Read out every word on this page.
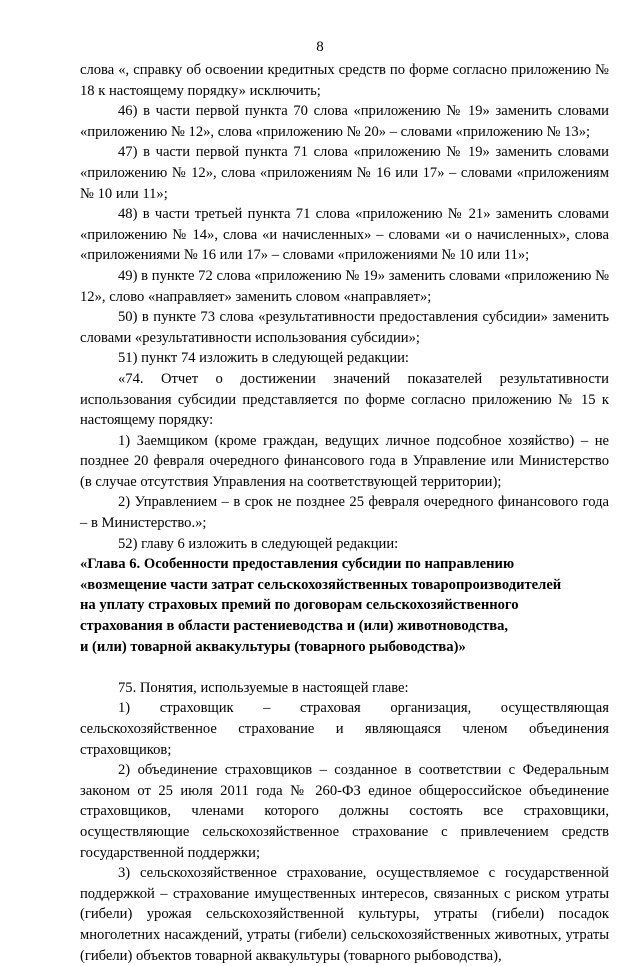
8

слова «, справку об освоении кредитных средств по форме согласно приложению № 18 к настоящему порядку» исключить;

46) в части первой пункта 70 слова «приложению № 19» заменить словами «приложению № 12», слова «приложению № 20» – словами «приложению № 13»;

47) в части первой пункта 71 слова «приложению № 19» заменить словами «приложению № 12», слова «приложениям № 16 или 17» – словами «приложениям № 10 или 11»;

48) в части третьей пункта 71 слова «приложению № 21» заменить словами «приложению № 14», слова «и начисленных» – словами «и о начисленных», слова «приложениями № 16 или 17» – словами «приложениями № 10 или 11»;

49) в пункте 72 слова «приложению № 19» заменить словами «приложению № 12», слово «направляет» заменить словом «направляет»;

50) в пункте 73 слова «результативности предоставления субсидии» заменить словами «результативности использования субсидии»;

51) пункт 74 изложить в следующей редакции:

«74. Отчет о достижении значений показателей результативности использования субсидии представляется по форме согласно приложению № 15 к настоящему порядку:

1) Заемщиком (кроме граждан, ведущих личное подсобное хозяйство) – не позднее 20 февраля очередного финансового года в Управление или Министерство (в случае отсутствия Управления на соответствующей территории);

2) Управлением – в срок не позднее 25 февраля очередного финансового года – в Министерство.»;

52) главу 6 изложить в следующей редакции:

«Глава 6. Особенности предоставления субсидии по направлению

«возмещение части затрат сельскохозяйственных товаропроизводителей

на уплату страховых премий по договорам сельскохозяйственного

страхования в области растениеводства и (или) животноводства,

и (или) товарной аквакультуры (товарного рыбоводства)»

75. Понятия, используемые в настоящей главе:

1) страховщик – страховая организация, осуществляющая сельскохозяйственное страхование и являющаяся членом объединения страховщиков;

2) объединение страховщиков – созданное в соответствии с Федеральным законом от 25 июля 2011 года № 260-ФЗ единое общероссийское объединение страховщиков, членами которого должны состоять все страховщики, осуществляющие сельскохозяйственное страхование с привлечением средств государственной поддержки;

3) сельскохозяйственное страхование, осуществляемое с государственной поддержкой – страхование имущественных интересов, связанных с риском утраты (гибели) урожая сельскохозяйственной культуры, утраты (гибели) посадок многолетних насаждений, утраты (гибели) сельскохозяйственных животных, утраты (гибели) объектов товарной аквакультуры (товарного рыбоводства),
